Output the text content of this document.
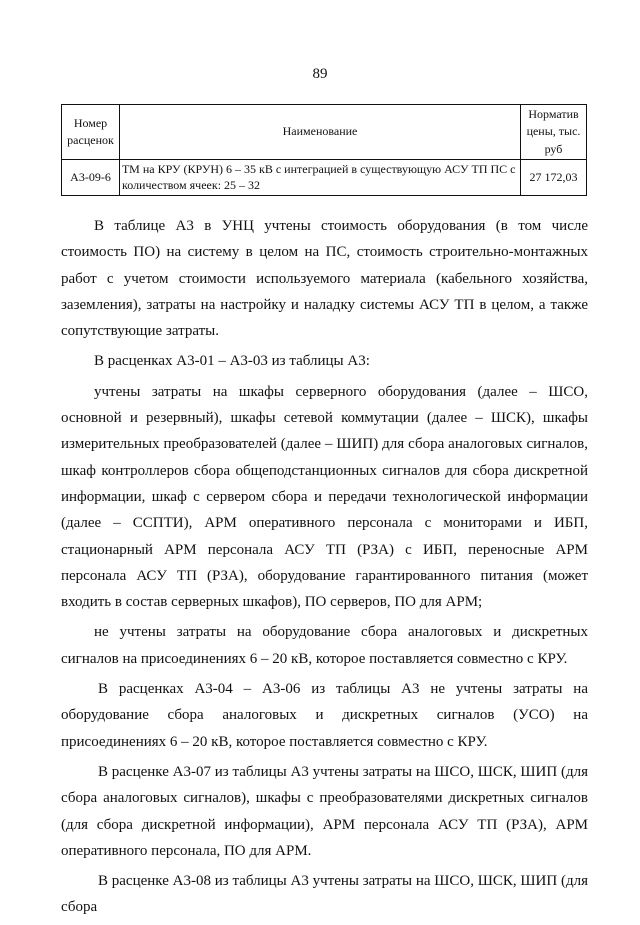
89
Номер расценок	Наименование	Норматив цены, тыс. руб
А3-09-6	ТМ на КРУ (КРУН) 6 – 35 кВ с интеграцией в существующую АСУ ТП ПС с количеством ячеек: 25 – 32	27 172,03

В таблице А3 в УНЦ учтены стоимость оборудования (в том числе стоимость ПО) на систему в целом на ПС, стоимость строительно-монтажных работ с учетом стоимости используемого материала (кабельного хозяйства, заземления), затраты на настройку и наладку системы АСУ ТП в целом, а также сопутствующие затраты.

В расценках А3-01 – А3-03 из таблицы А3:

учтены затраты на шкафы серверного оборудования (далее – ШСО, основной и резервный), шкафы сетевой коммутации (далее – ШСК), шкафы измерительных преобразователей (далее – ШИП) для сбора аналоговых сигналов, шкаф контроллеров сбора общеподстанционных сигналов для сбора дискретной информации, шкаф с сервером сбора и передачи технологической информации (далее – ССПТИ), АРМ оперативного персонала с мониторами и ИБП, стационарный АРМ персонала АСУ ТП (РЗА) с ИБП, переносные АРМ персонала АСУ ТП (РЗА), оборудование гарантированного питания (может входить в состав серверных шкафов), ПО серверов, ПО для АРМ;

не учтены затраты на оборудование сбора аналоговых и дискретных сигналов на присоединениях 6 – 20 кВ, которое поставляется совместно с КРУ.

В расценках А3-04 – А3-06 из таблицы А3 не учтены затраты на оборудование сбора аналоговых и дискретных сигналов (УСО) на присоединениях 6 – 20 кВ, которое поставляется совместно с КРУ.

В расценке А3-07 из таблицы А3 учтены затраты на ШСО, ШСК, ШИП (для сбора аналоговых сигналов), шкафы с преобразователями дискретных сигналов (для сбора дискретной информации), АРМ персонала АСУ ТП (РЗА), АРМ оперативного персонала, ПО для АРМ.

В расценке А3-08 из таблицы А3 учтены затраты на ШСО, ШСК, ШИП (для сбора
